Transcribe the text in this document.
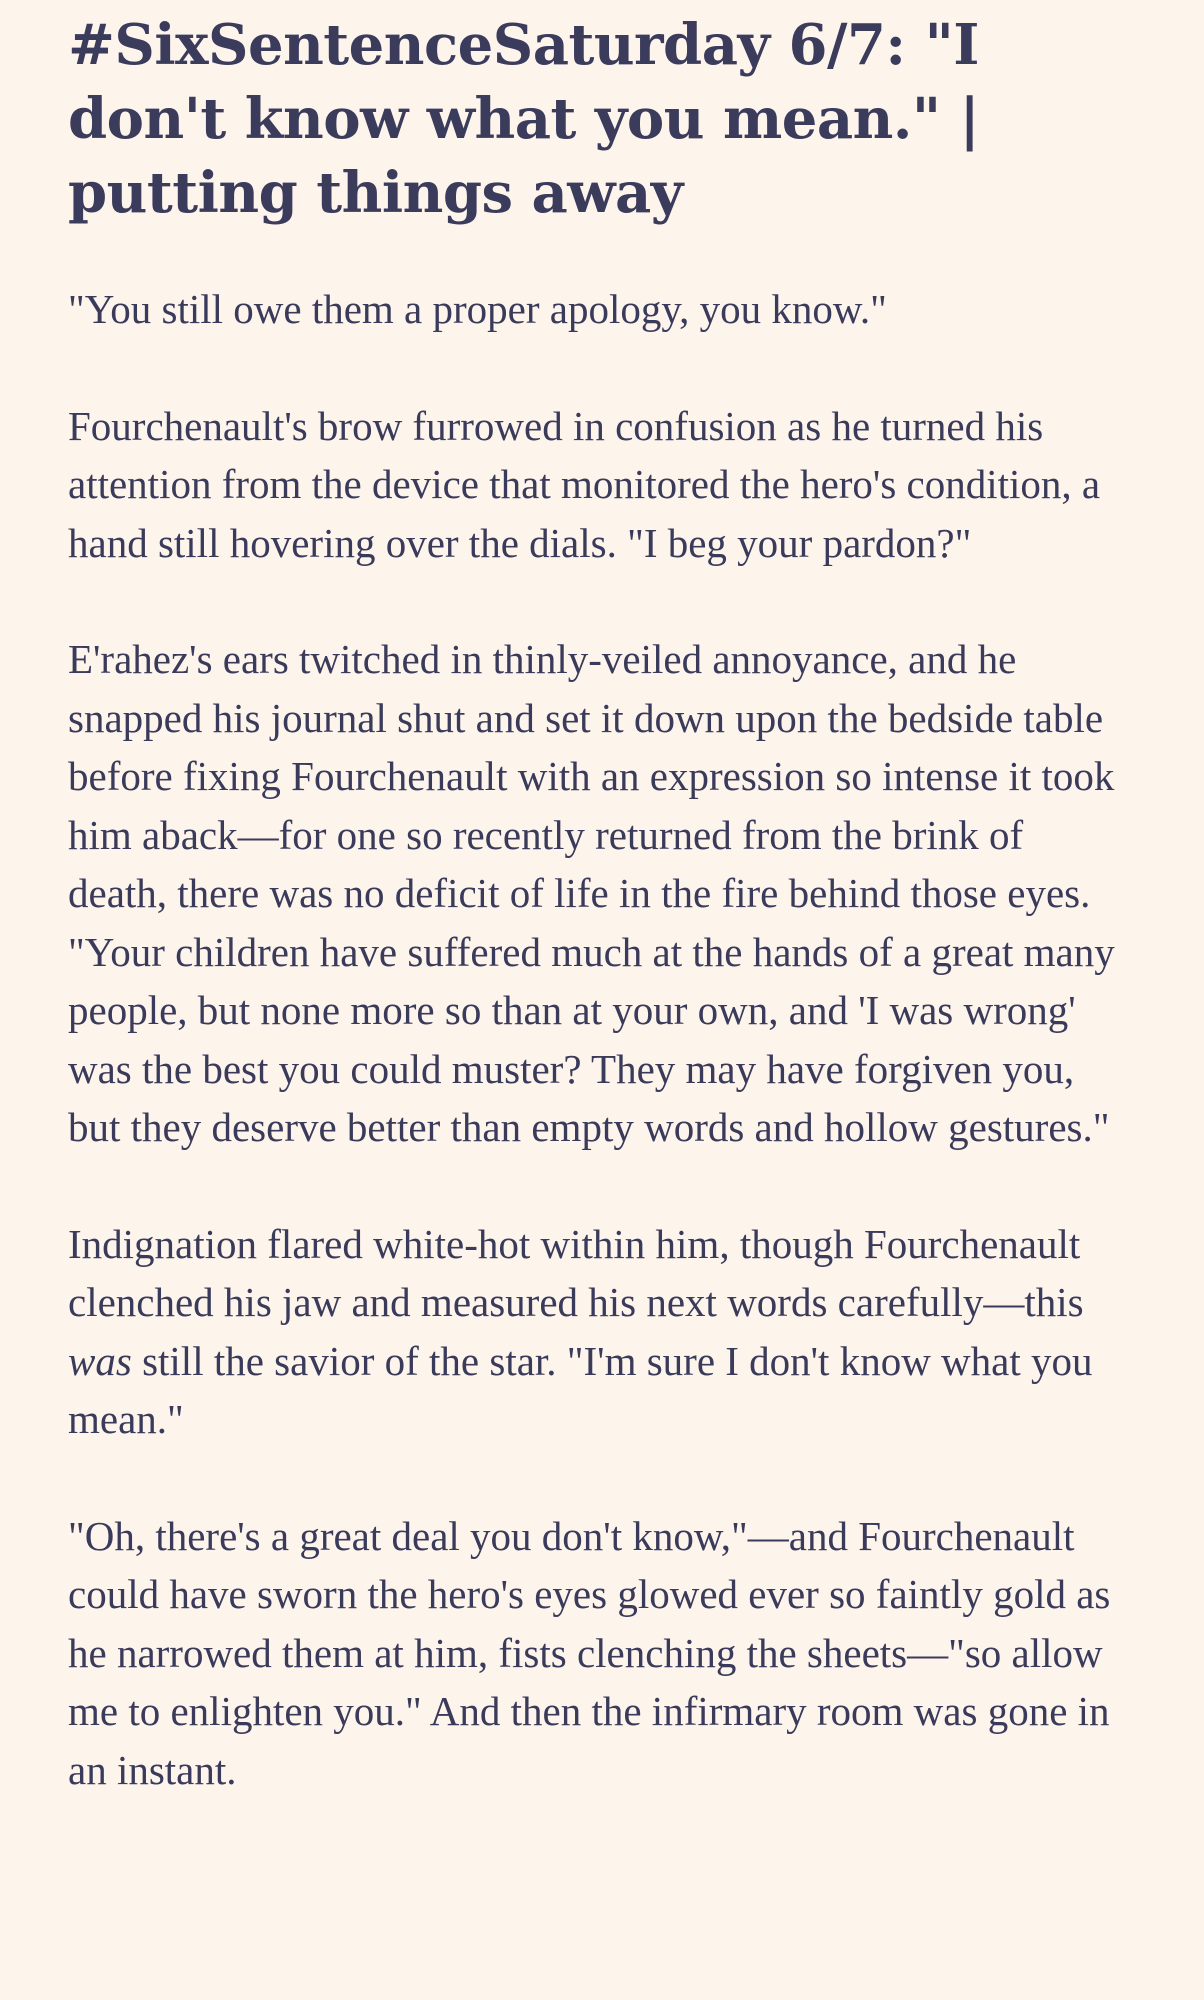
#SixSentenceSaturday 6/7: "I don't know what you mean." | putting things away

"You still owe them a proper apology, you know."

Fourchenault's brow furrowed in confusion as he turned his attention from the device that monitored the hero's condition, a hand still hovering over the dials. "I beg your pardon?"

E'rahez's ears twitched in thinly-veiled annoyance, and he snapped his journal shut and set it down upon the bedside table before fixing Fourchenault with an expression so intense it took him aback—for one so recently returned from the brink of death, there was no deficit of life in the fire behind those eyes. "Your children have suffered much at the hands of a great many people, but none more so than at your own, and 'I was wrong' was the best you could muster? They may have forgiven you, but they deserve better than empty words and hollow gestures."

Indignation flared white-hot within him, though Fourchenault clenched his jaw and measured his next words carefully—this was still the savior of the star. "I'm sure I don't know what you mean."

"Oh, there's a great deal you don't know,"—and Fourchenault could have sworn the hero's eyes glowed ever so faintly gold as he narrowed them at him, fists clenching the sheets—"so allow me to enlighten you." And then the infirmary room was gone in an instant.
